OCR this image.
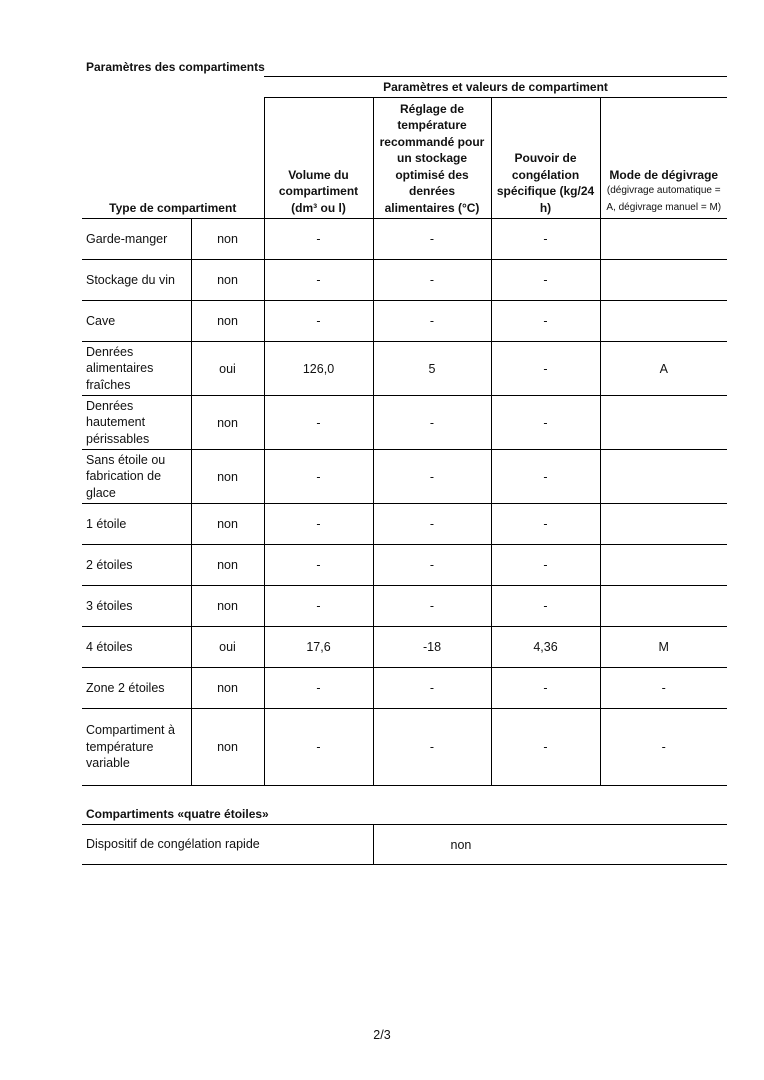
Paramètres des compartiments
		Paramètres et valeurs de compartiment			
Type de compartiment		Volume du compartiment (dm³ ou l)	Réglage de température recommandé pour un stockage optimisé des denrées alimentaires (°C)	Pouvoir de congélation spécifique (kg/24 h)	Mode de dégivrage
(dégivrage automatique = A, dégivrage manuel = M)

Garde-manger	non	-	-	-	
Stockage du vin	non	-	-	-	
Cave	non	-	-	-	
Denrées alimentaires fraîches	oui	126,0	5	-	A
Denrées hautement périssables	non	-	-	-	
Sans étoile ou fabrication de glace	non	-	-	-	
1 étoile	non	-	-	-	
2 étoiles	non	-	-	-	
3 étoiles	non	-	-	-	
4 étoiles	oui	17,6	-18	4,36	M
Zone 2 étoiles	non	-	-	-	-
Compartiment à température variable	non	-	-	-	-
Compartiments «quatre étoiles»
Dispositif de congélation rapide	non
2/3
